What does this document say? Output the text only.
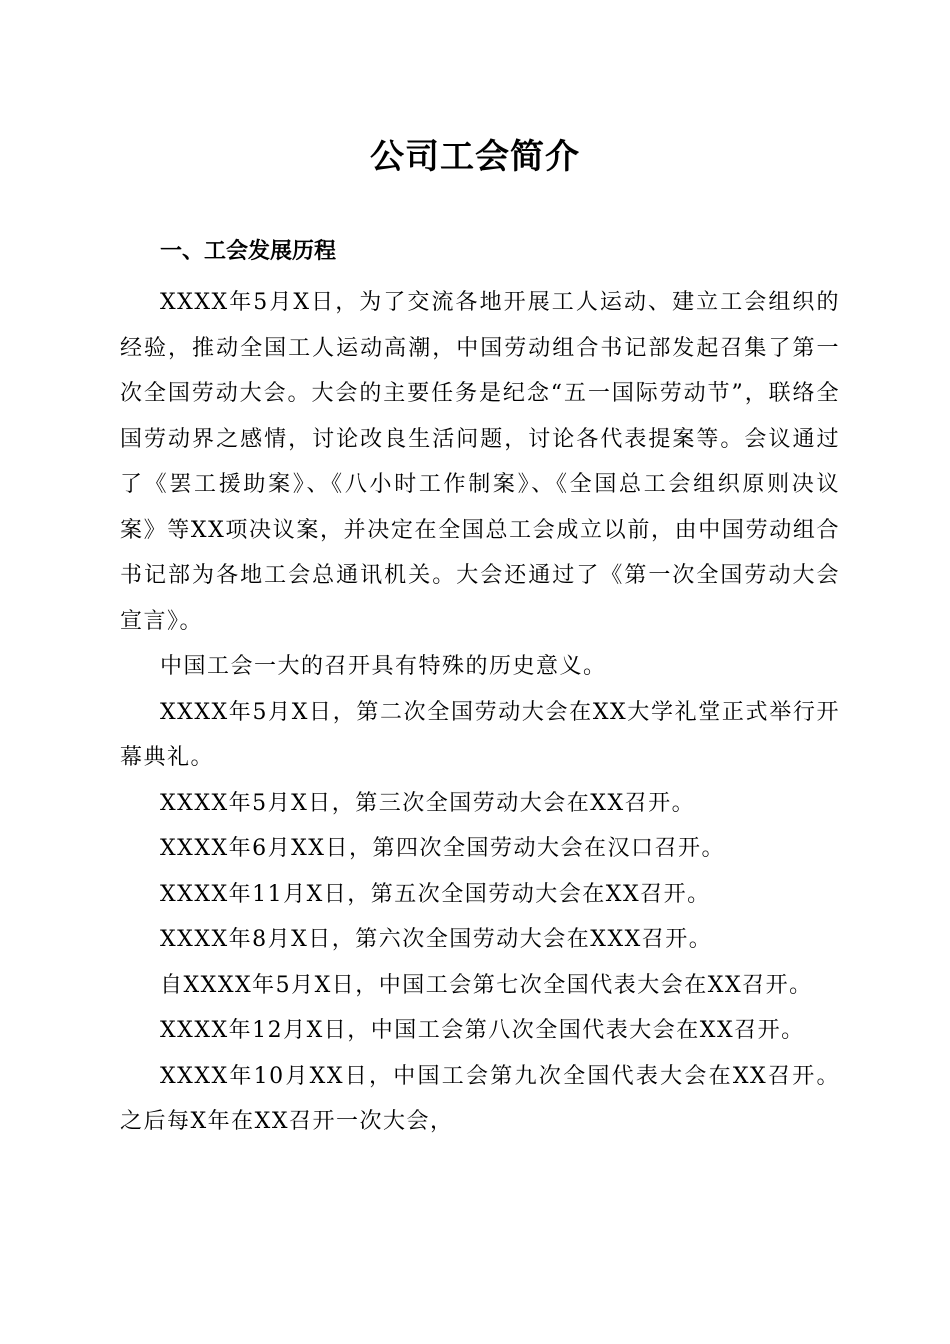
公司工会简介
一、工会发展历程

XXXX年5月X日，为了交流各地开展工人运动、建立工会组织的经验，推动全国工人运动高潮，中国劳动组合书记部发起召集了第一次全国劳动大会。大会的主要任务是纪念“五一国际劳动节”，联络全国劳动界之感情，讨论改良生活问题，讨论各代表提案等。会议通过了《罢工援助案》、《八小时工作制案》、《全国总工会组织原则决议案》等XX项决议案，并决定在全国总工会成立以前，由中国劳动组合书记部为各地工会总通讯机关。大会还通过了《第一次全国劳动大会宣言》。

中国工会一大的召开具有特殊的历史意义。

XXXX年5月X日，第二次全国劳动大会在XX大学礼堂正式举行开幕典礼。

XXXX年5月X日，第三次全国劳动大会在XX召开。

XXXX年6月XX日，第四次全国劳动大会在汉口召开。

XXXX年11月X日，第五次全国劳动大会在XX召开。

XXXX年8月X日，第六次全国劳动大会在XXX召开。

自XXXX年5月X日，中国工会第七次全国代表大会在XX召开。

XXXX年12月X日，中国工会第八次全国代表大会在XX召开。

XXXX年10月XX日，中国工会第九次全国代表大会在XX召开。之后每X年在XX召开一次大会，
